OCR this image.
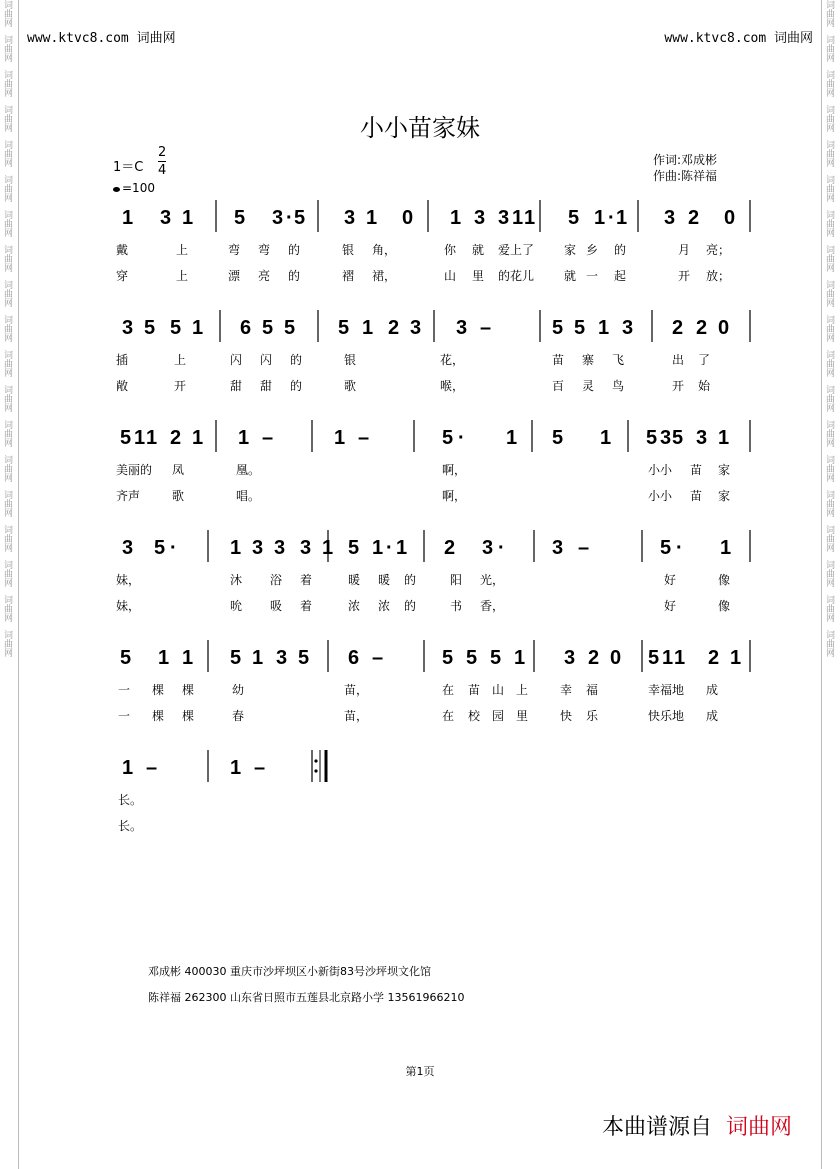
词曲网
词曲网
词曲网
词曲网
词曲网
词曲网
词曲网
词曲网
词曲网
词曲网
词曲网
词曲网
词曲网
词曲网
词曲网
词曲网
词曲网
词曲网
词曲网
词曲网
词曲网
词曲网
词曲网
词曲网
词曲网
词曲网
词曲网
词曲网
词曲网
词曲网
词曲网
词曲网
词曲网
词曲网
词曲网
词曲网
词曲网
词曲网
www.ktvc8.com 词曲网	www.ktvc8.com 词曲网
小小苗家妹
$1=C \frac{2}{4}$
=100
作词:邓成彬
作曲:陈祥福
1 3 1 5 3 · 5 3 1 0 1 3 3 1 1 5 1 · 1 3 2 0
戴	上	弯 弯 的	银 角，	你 就 爱上了 家 乡 的	月 亮；
穿	上	漂 亮 的	褶 裙，	山 里 的花儿 就 一 起	开 放；
3 5 5 1 6 5 5 5 1 2 3 3 –	5 5 1 3 2 2 0
插	上	闪 闪 的	银	花，	苗 寨 飞	出 了
敞	开	甜 甜 的	歌	喉，	百 灵 鸟	开 始
5 1 1 2 1 1 –	1 –	5 · 1 5 1 5 3 5 3 1
美丽的 凤	凰。	啊，	小小 苗 家
齐声	歌	唱。	啊，	小小 苗 家
3 5 ·	1 3 3 3 1 5 1 · 1 2 3 · 3 –	5 · 1
妹，	沐 浴 着	暖 暖 的	阳 光，	好	像
妹，	吮 吸 着	浓 浓 的	书 香，	好	像
5 1 1 5 1 3 5 6 –	5 5 5 1 3 2 0 5 1 1 2 1
一 棵 棵	幼	苗，	在 苗 山 上	幸 福	幸福地 成
一 棵 棵	春	苗，	在 校 园 里	快 乐	快乐地 成
1 –	1 –
长。
长。
邓成彬 400030 重庆市沙坪坝区小新街83号沙坪坝文化馆
陈祥福 262300 山东省日照市五莲县北京路小学 13561966210
第1页
本曲谱源自 词曲网
